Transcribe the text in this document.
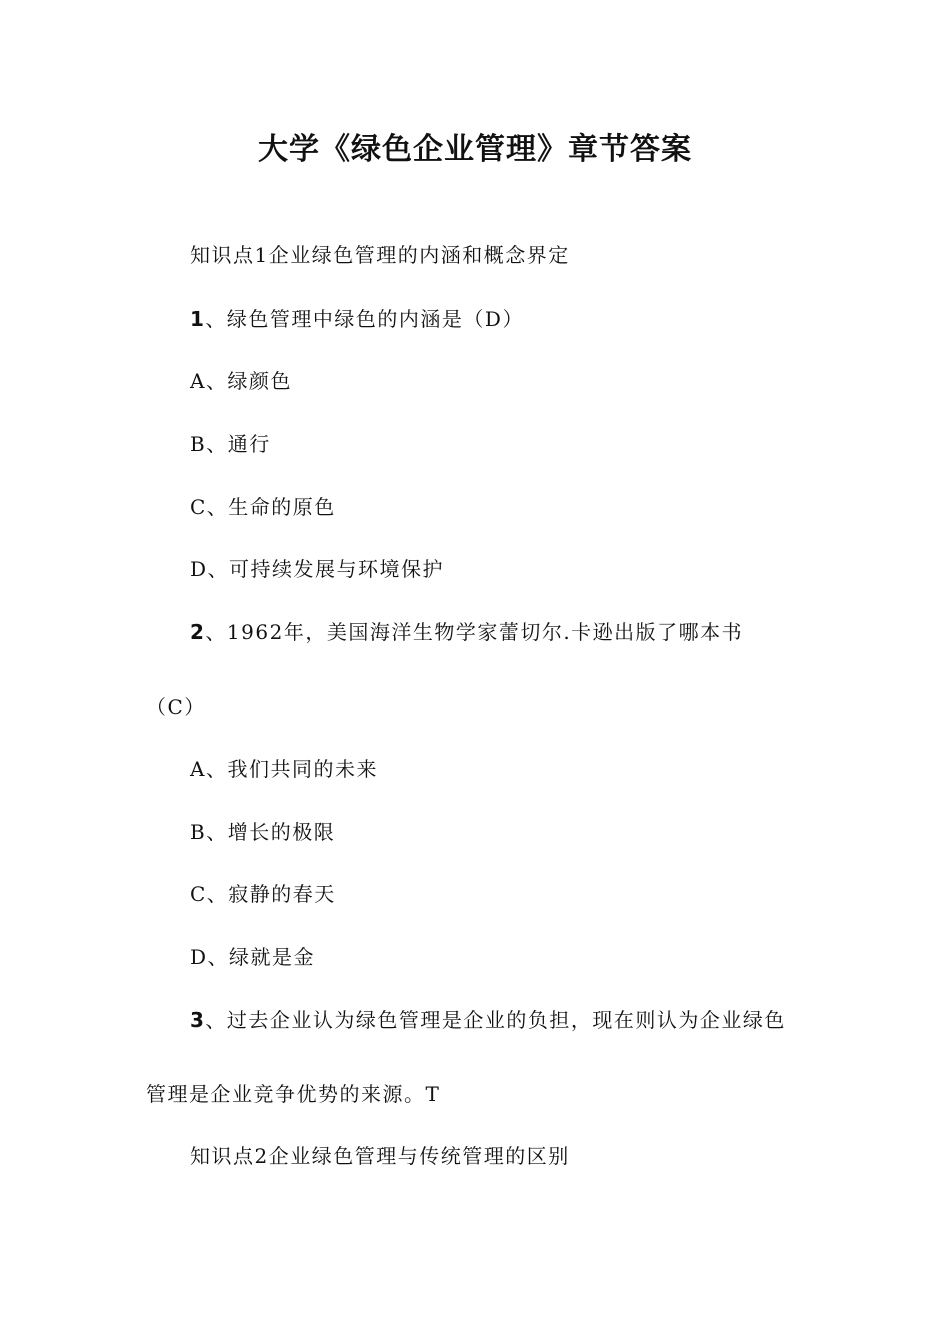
大学《绿色企业管理》章节答案

知识点1企业绿色管理的内涵和概念界定

1、绿色管理中绿色的内涵是（D）

A、绿颜色

B、通行

C、生命的原色

D、可持续发展与环境保护

2、1962年，美国海洋生物学家蕾切尔.卡逊出版了哪本书

（C）

A、我们共同的未来

B、增长的极限

C、寂静的春天

D、绿就是金

3、过去企业认为绿色管理是企业的负担，现在则认为企业绿色

管理是企业竞争优势的来源。T

知识点2企业绿色管理与传统管理的区别
